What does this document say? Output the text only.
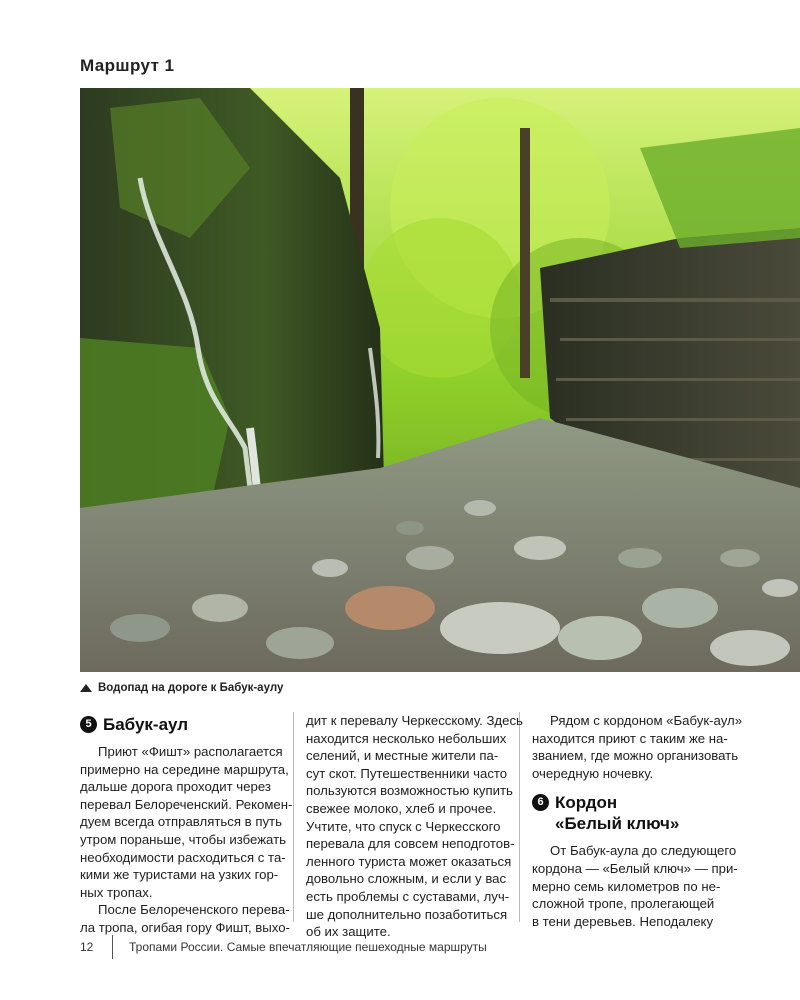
Маршрут 1
Водопад на дороге к Бабук-аулу
5 Бабук-аул

Приют «Фишт» располагается
примерно на середине маршрута,
дальше дорога проходит через
перевал Белореченский. Рекомен-
дуем всегда отправляться в путь
утром пораньше, чтобы избежать
необходимости расходиться с та-
кими же туристами на узких гор-
ных тропах.

После Белореченского перева-
ла тропа, огибая гору Фишт, выхо-

дит к перевалу Черкесскому. Здесь
находится несколько небольших
селений, и местные жители па-
сут скот. Путешественники часто
пользуются возможностью купить
свежее молоко, хлеб и прочее.
Учтите, что спуск с Черкесского
перевала для совсем неподготов-
ленного туриста может оказаться
довольно сложным, и если у вас
есть проблемы с суставами, луч-
ше дополнительно позаботиться
об их защите.

Рядом с кордоном «Бабук-аул»
находится приют с таким же на-
званием, где можно организовать
очередную ночевку.

6 Кордон
«Белый ключ»

От Бабук-аула до следующего
кордона — «Белый ключ» — при-
мерно семь километров по не-
сложной тропе, пролегающей
в тени деревьев. Неподалеку

12	Тропами России. Самые впечатляющие пешеходные маршруты
